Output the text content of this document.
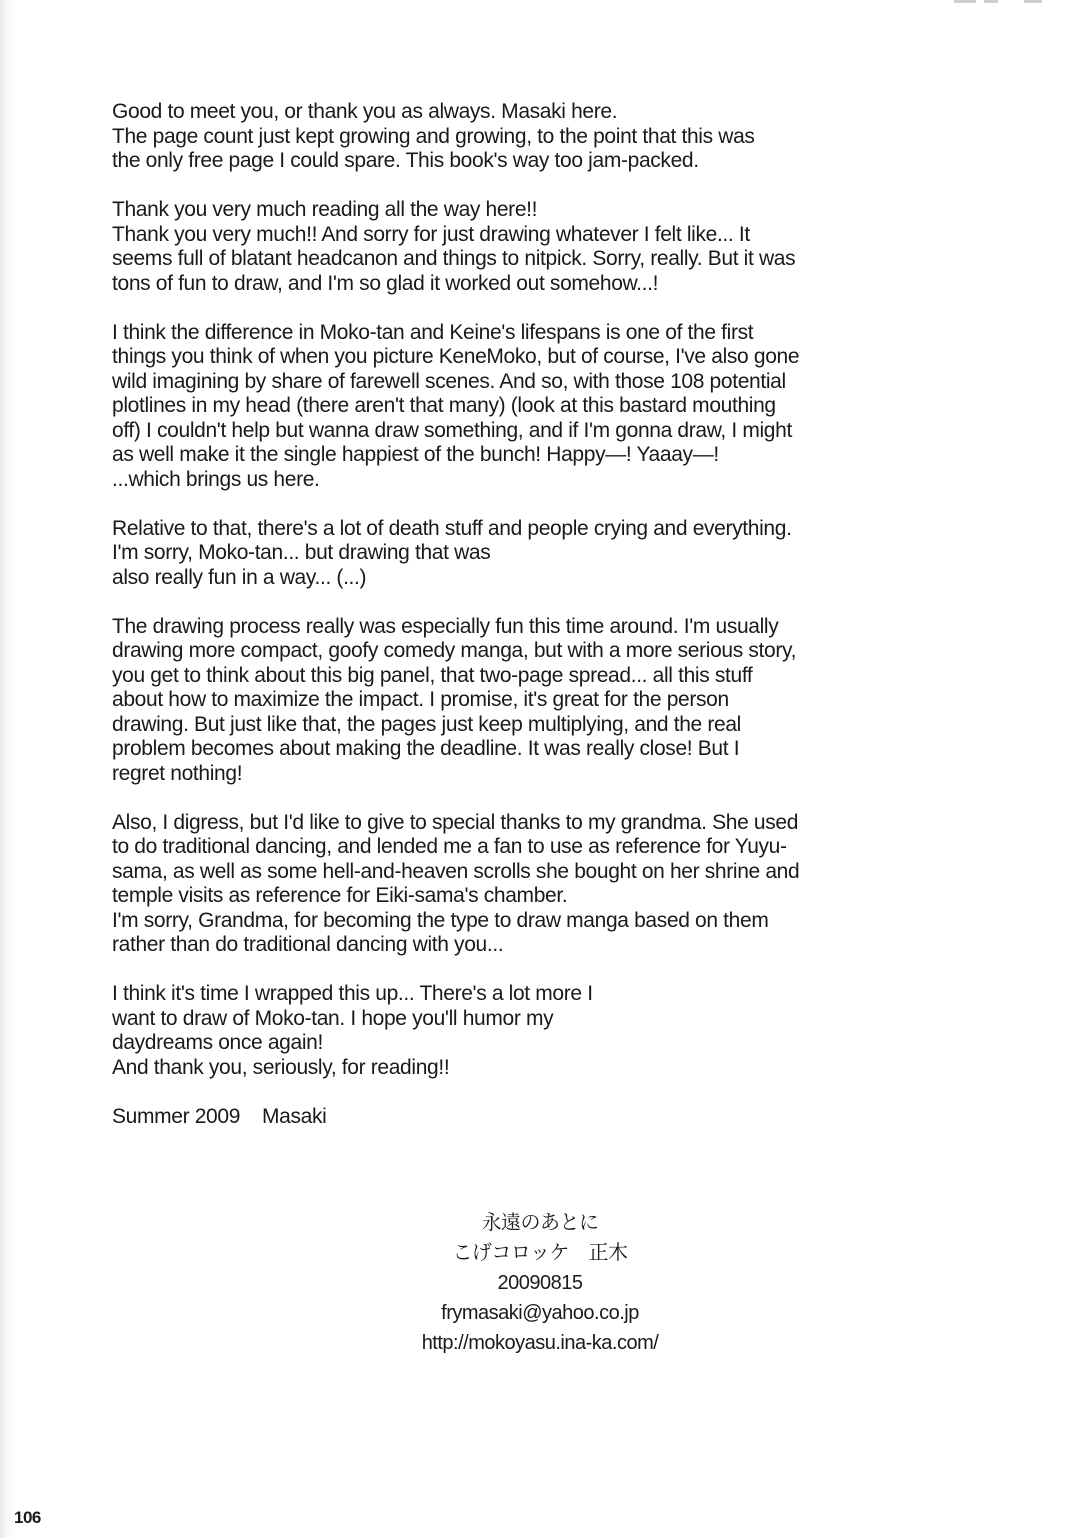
Good to meet you, or thank you as always. Masaki here.
The page count just kept growing and growing, to the point that this was
the only free page I could spare. This book's way too jam-packed.

Thank you very much reading all the way here!!
Thank you very much!! And sorry for just drawing whatever I felt like... It
seems full of blatant headcanon and things to nitpick. Sorry, really. But it was
tons of fun to draw, and I'm so glad it worked out somehow...!

I think the difference in Moko-tan and Keine's lifespans is one of the first
things you think of when you picture KeneMoko, but of course, I've also gone
wild imagining by share of farewell scenes. And so, with those 108 potential
plotlines in my head (there aren't that many) (look at this bastard mouthing
off) I couldn't help but wanna draw something, and if I'm gonna draw, I might
as well make it the single happiest of the bunch! Happy—! Yaaay—!
...which brings us here.

Relative to that, there's a lot of death stuff and people crying and everything.
I'm sorry, Moko-tan... but drawing that was
also really fun in a way... (...)

The drawing process really was especially fun this time around. I'm usually
drawing more compact, goofy comedy manga, but with a more serious story,
you get to think about this big panel, that two-page spread... all this stuff
about how to maximize the impact. I promise, it's great for the person
drawing. But just like that, the pages just keep multiplying, and the real
problem becomes about making the deadline. It was really close! But I
regret nothing!

Also, I digress, but I'd like to give to special thanks to my grandma. She used
to do traditional dancing, and lended me a fan to use as reference for Yuyu-
sama, as well as some hell-and-heaven scrolls she bought on her shrine and
temple visits as reference for Eiki-sama's chamber.
I'm sorry, Grandma, for becoming the type to draw manga based on them
rather than do traditional dancing with you...

I think it's time I wrapped this up... There's a lot more I
want to draw of Moko-tan. I hope you'll humor my
daydreams once again!
And thank you, seriously, for reading!!

Summer 2009 Masaki

永遠のあとに
こげコロッケ　正木
20090815
frymasaki@yahoo.co.jp
http://mokoyasu.ina-ka.com/
106
